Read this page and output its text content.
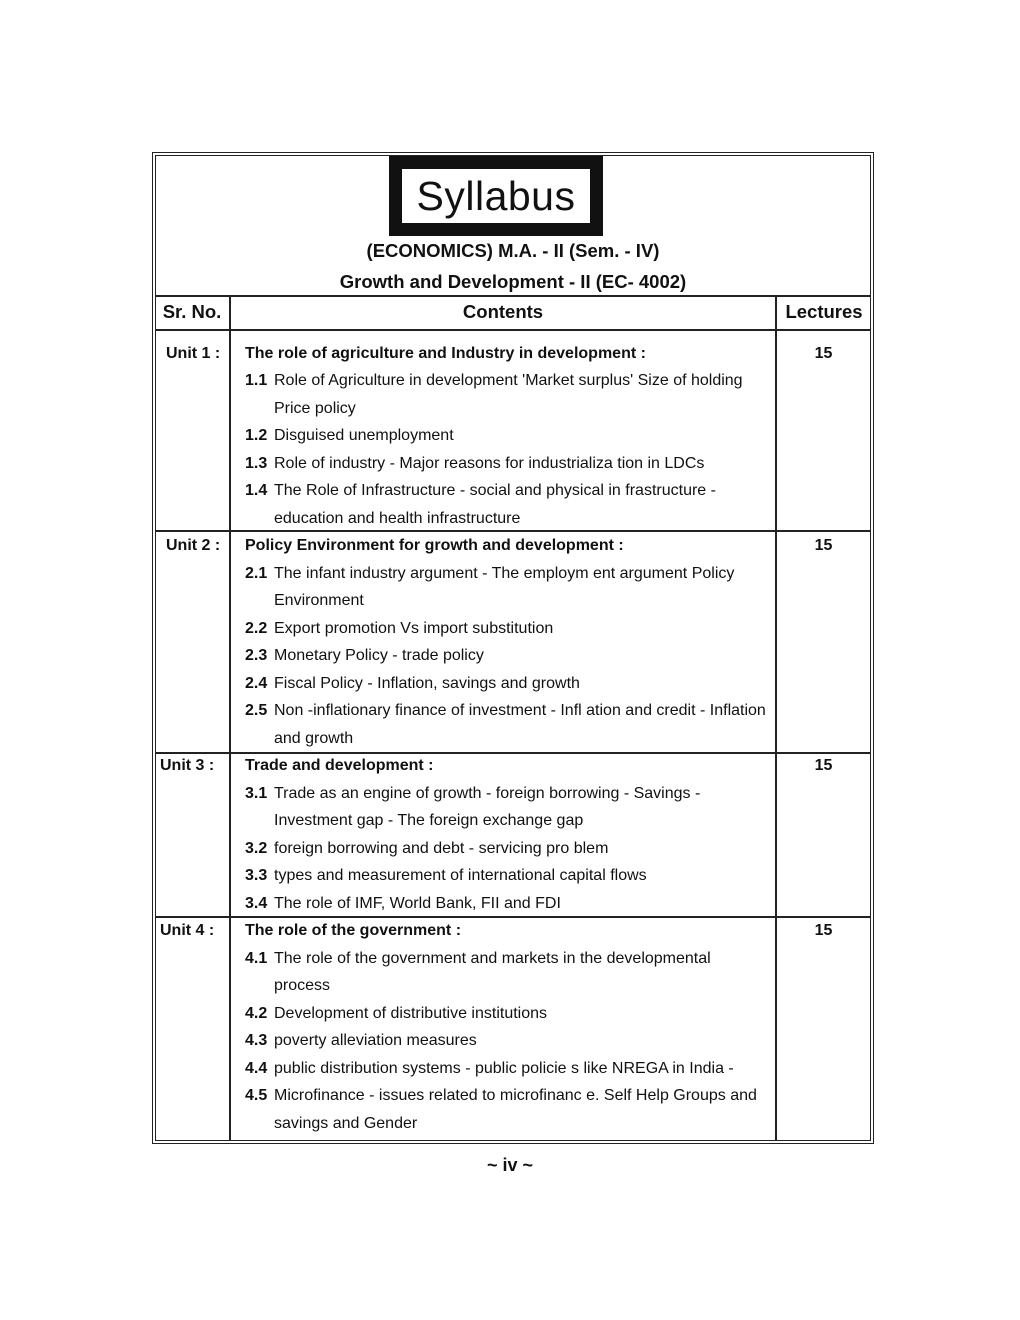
Syllabus
(ECONOMICS) M.A. - II (Sem. - IV)
Growth and Development - II (EC- 4002)
Sr. No.	Contents	Lectures
Unit 1 : The role of agriculture and Industry in development :	15
1.1 Role of Agriculture in development 'Market surplus' Size of holding
Price policy
1.2 Disguised unemployment
1.3 Role of industry - Major reasons for industrializa tion in LDCs
1.4 The Role of Infrastructure - social and physical in frastructure -
education and health infrastructure
Unit 2 : Policy Environment for growth and development :	15
2.1 The infant industry argument - The employm ent argument Policy
Environment
2.2 Export promotion Vs import substitution
2.3 Monetary Policy - trade policy
2.4 Fiscal Policy - Inflation, savings and growth
2.5 Non -inflationary finance of investment - Infl ation and credit - Inflation
and growth
Unit 3 : Trade and development :	15
3.1 Trade as an engine of growth - foreign borrowing - Savings -
Investment gap - The foreign exchange gap
3.2 foreign borrowing and debt - servicing pro blem
3.3 types and measurement of international capital flows
3.4 The role of IMF, World Bank, FII and FDI
Unit 4 : The role of the government :	15
4.1 The role of the government and markets in the developmental
process
4.2 Development of distributive institutions
4.3 poverty alleviation measures
4.4 public distribution systems - public policie s like NREGA in India -
4.5 Microfinance - issues related to microfinanc e. Self Help Groups and
savings and Gender
~ iv ~
